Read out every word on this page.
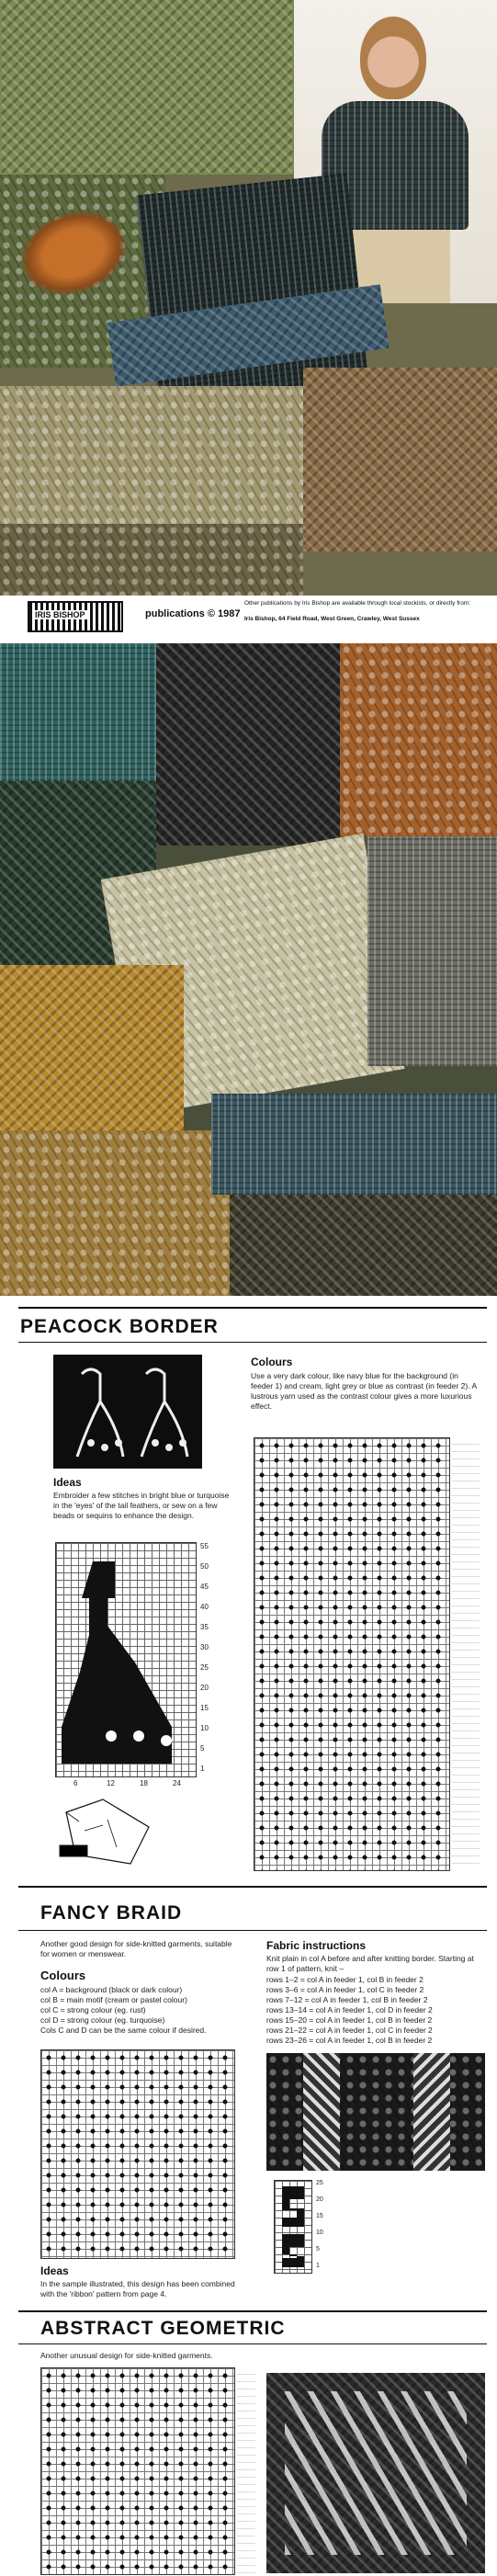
IRIS BISHOP	publications © 1987
Other publications by Iris Bishop are available through local stockists, or directly from:
Iris Bishop, 64 Field Road, West Green, Crawley, West Sussex
PEACOCK BORDER
Colours
Use a very dark colour, like navy blue for the background (in feeder 1) and cream, light grey or blue as contrast (in feeder 2). A lustrous yarn used as the contrast colour gives a more luxurious effect.
Ideas
Embroider a few stitches in bright blue or turquoise in the 'eyes' of the tail feathers, or sew on a few beads or sequins to enhance the design.
55
50
45
40
35
30
25
20
15
10
5
1
6	12	18	24
FANCY BRAID
Another good design for side-knitted garments, suitable for women or menswear.
Colours
col A = background (black or dark colour)
col B = main motif (cream or pastel colour)
col C = strong colour (eg. rust)
col D = strong colour (eg. turquoise)
Cols C and D can be the same colour if desired.
Fabric instructions
Knit plain in col A before and after knitting border. Starting at row 1 of pattern, knit –
rows 1–2 = col A in feeder 1, col B in feeder 2
rows 3–6 = col A in feeder 1, col C in feeder 2
rows 7–12 = col A in feeder 1, col B in feeder 2
rows 13–14 = col A in feeder 1, col D in feeder 2
rows 15–20 = col A in feeder 1, col B in feeder 2
rows 21–22 = col A in feeder 1, col C in feeder 2
rows 23–26 = col A in feeder 1, col B in feeder 2
25
20
15
10
5
1
Ideas
In the sample illustrated, this design has been combined with the 'ribbon' pattern from page 4.
ABSTRACT GEOMETRIC
Another unusual design for side-knitted garments.
